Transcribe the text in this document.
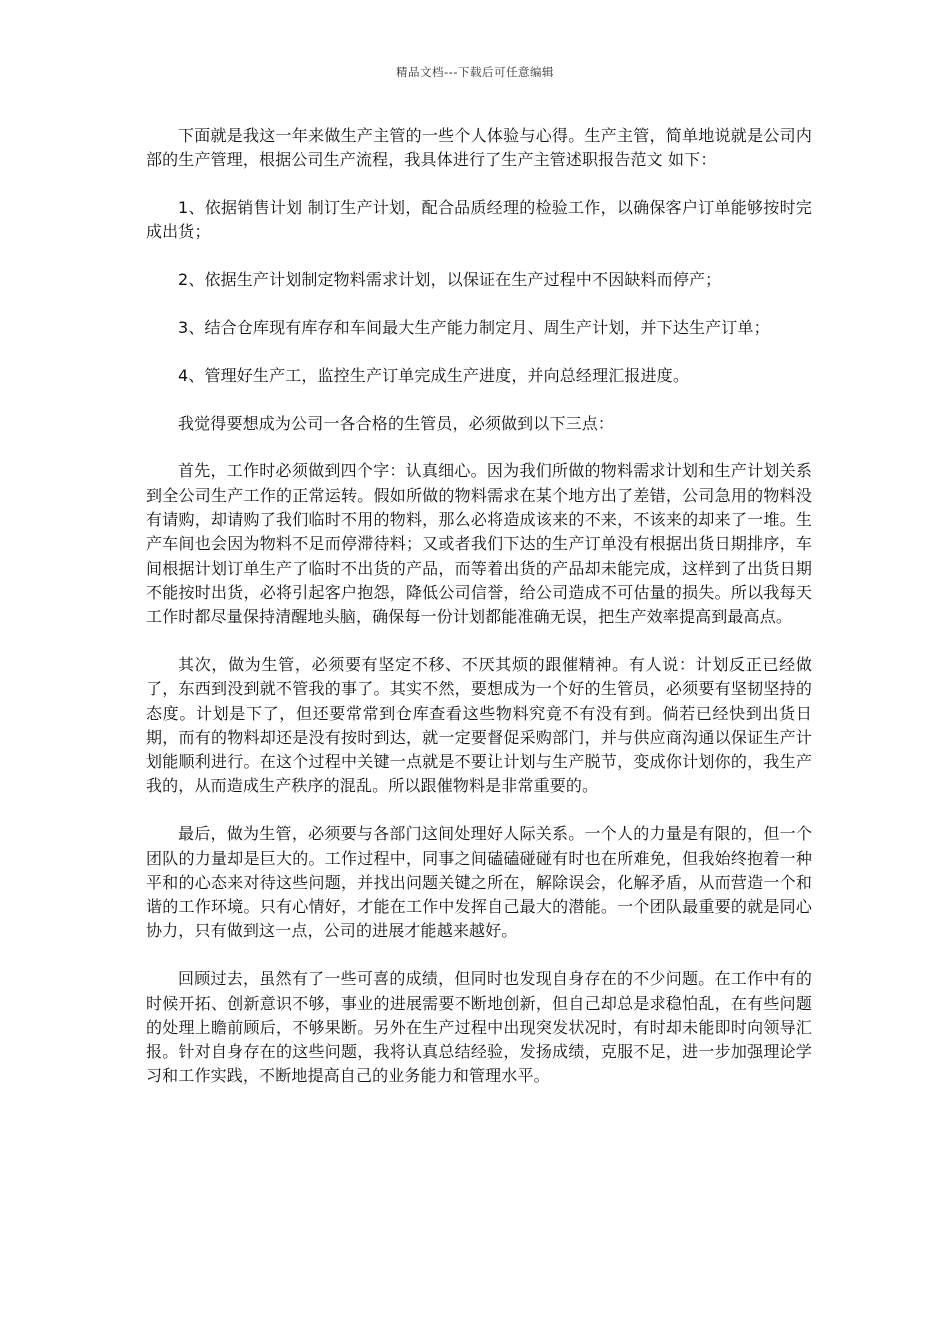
精品文档---下载后可任意编辑

下面就是我这一年来做生产主管的一些个人体验与心得。生产主管，简单地说就是公司内部的生产管理，根据公司生产流程，我具体进行了生产主管述职报告范文 如下：

1、依据销售计划 制订生产计划，配合品质经理的检验工作，以确保客户订单能够按时完成出货；

2、依据生产计划制定物料需求计划，以保证在生产过程中不因缺料而停产；

3、结合仓库现有库存和车间最大生产能力制定月、周生产计划，并下达生产订单；

4、管理好生产工，监控生产订单完成生产进度，并向总经理汇报进度。

我觉得要想成为公司一各合格的生管员，必须做到以下三点：

首先，工作时必须做到四个字：认真细心。因为我们所做的物料需求计划和生产计划关系到全公司生产工作的正常运转。假如所做的物料需求在某个地方出了差错，公司急用的物料没有请购，却请购了我们临时不用的物料，那么必将造成该来的不来，不该来的却来了一堆。生产车间也会因为物料不足而停滞待料；又或者我们下达的生产订单没有根据出货日期排序，车间根据计划订单生产了临时不出货的产品，而等着出货的产品却未能完成，这样到了出货日期不能按时出货，必将引起客户抱怨，降低公司信誉，给公司造成不可估量的损失。所以我每天工作时都尽量保持清醒地头脑，确保每一份计划都能准确无误，把生产效率提高到最高点。

其次，做为生管，必须要有坚定不移、不厌其烦的跟催精神。有人说：计划反正已经做了，东西到没到就不管我的事了。其实不然，要想成为一个好的生管员，必须要有坚韧坚持的态度。计划是下了，但还要常常到仓库查看这些物料究竟不有没有到。倘若已经快到出货日期，而有的物料却还是没有按时到达，就一定要督促采购部门，并与供应商沟通以保证生产计划能顺利进行。在这个过程中关键一点就是不要让计划与生产脱节，变成你计划你的，我生产我的，从而造成生产秩序的混乱。所以跟催物料是非常重要的。

最后，做为生管，必须要与各部门这间处理好人际关系。一个人的力量是有限的，但一个团队的力量却是巨大的。工作过程中，同事之间磕磕碰碰有时也在所难免，但我始终抱着一种平和的心态来对待这些问题，并找出问题关键之所在，解除误会，化解矛盾，从而营造一个和谐的工作环境。只有心情好，才能在工作中发挥自己最大的潜能。一个团队最重要的就是同心协力，只有做到这一点，公司的进展才能越来越好。

回顾过去，虽然有了一些可喜的成绩，但同时也发现自身存在的不少问题。在工作中有的时候开拓、创新意识不够，事业的进展需要不断地创新，但自己却总是求稳怕乱，在有些问题的处理上瞻前顾后，不够果断。另外在生产过程中出现突发状况时，有时却未能即时向领导汇报。针对自身存在的这些问题，我将认真总结经验，发扬成绩，克服不足，进一步加强理论学习和工作实践，不断地提高自己的业务能力和管理水平。
